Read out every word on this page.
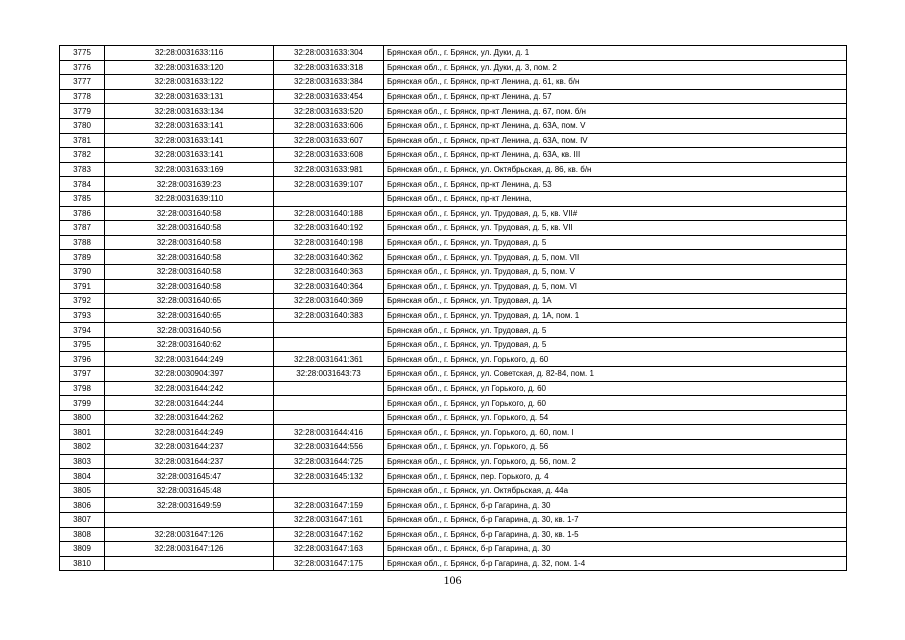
3775	32:28:0031633:116	32:28:0031633:304	Брянская обл., г. Брянск, ул. Дуки, д. 1
3776	32:28:0031633:120	32:28:0031633:318	Брянская обл., г. Брянск, ул. Дуки, д. 3, пом. 2
3777	32:28:0031633:122	32:28:0031633:384	Брянская обл., г. Брянск, пр-кт Ленина, д. 61, кв. б/н
3778	32:28:0031633:131	32:28:0031633:454	Брянская обл., г. Брянск, пр-кт Ленина, д. 57
3779	32:28:0031633:134	32:28:0031633:520	Брянская обл., г. Брянск, пр-кт Ленина, д. 67, пом. б/н
3780	32:28:0031633:141	32:28:0031633:606	Брянская обл., г. Брянск, пр-кт Ленина, д. 63А, пом. V
3781	32:28:0031633:141	32:28:0031633:607	Брянская обл., г. Брянск, пр-кт Ленина, д. 63А, пом. IV
3782	32:28:0031633:141	32:28:0031633:608	Брянская обл., г. Брянск, пр-кт Ленина, д. 63А, кв. III
3783	32:28:0031633:169	32:28:0031633:981	Брянская обл., г. Брянск, ул. Октябрьская, д. 86, кв. б/н
3784	32:28:0031639:23	32:28:0031639:107	Брянская обл., г. Брянск, пр-кт Ленина, д. 53
3785	32:28:0031639:110		Брянская обл., г. Брянск, пр-кт Ленина,
3786	32:28:0031640:58	32:28:0031640:188	Брянская обл., г. Брянск, ул. Трудовая, д. 5, кв. VII#
3787	32:28:0031640:58	32:28:0031640:192	Брянская обл., г. Брянск, ул. Трудовая, д. 5, кв. VII
3788	32:28:0031640:58	32:28:0031640:198	Брянская обл., г. Брянск, ул. Трудовая, д. 5
3789	32:28:0031640:58	32:28:0031640:362	Брянская обл., г. Брянск, ул. Трудовая, д. 5, пом. VII
3790	32:28:0031640:58	32:28:0031640:363	Брянская обл., г. Брянск, ул. Трудовая, д. 5, пом. V
3791	32:28:0031640:58	32:28:0031640:364	Брянская обл., г. Брянск, ул. Трудовая, д. 5, пом. VI
3792	32:28:0031640:65	32:28:0031640:369	Брянская обл., г. Брянск, ул. Трудовая, д. 1А
3793	32:28:0031640:65	32:28:0031640:383	Брянская обл., г. Брянск, ул. Трудовая, д. 1А, пом. 1
3794	32:28:0031640:56		Брянская обл., г. Брянск, ул. Трудовая, д. 5
3795	32:28:0031640:62		Брянская обл., г. Брянск, ул. Трудовая, д. 5
3796	32:28:0031644:249	32:28:0031641:361	Брянская обл., г. Брянск, ул. Горького, д. 60
3797	32:28:0030904:397	32:28:0031643:73	Брянская обл., г. Брянск, ул. Советская, д. 82-84, пом. 1
3798	32:28:0031644:242		Брянская обл., г. Брянск, ул Горького, д. 60
3799	32:28:0031644:244		Брянская обл., г. Брянск, ул Горького, д. 60
3800	32:28:0031644:262		Брянская обл., г. Брянск, ул. Горького, д. 54
3801	32:28:0031644:249	32:28:0031644:416	Брянская обл., г. Брянск, ул. Горького, д. 60, пом. I
3802	32:28:0031644:237	32:28:0031644:556	Брянская обл., г. Брянск, ул. Горького, д. 56
3803	32:28:0031644:237	32:28:0031644:725	Брянская обл., г. Брянск, ул. Горького, д. 56, пом. 2
3804	32:28:0031645:47	32:28:0031645:132	Брянская обл., г. Брянск, пер. Горького, д. 4
3805	32:28:0031645:48		Брянская обл., г. Брянск, ул. Октябрьская, д. 44а
3806	32:28:0031649:59	32:28:0031647:159	Брянская обл., г. Брянск, б-р Гагарина, д. 30
3807		32:28:0031647:161	Брянская обл., г. Брянск, б-р Гагарина, д. 30, кв. 1-7
3808	32:28:0031647:126	32:28:0031647:162	Брянская обл., г. Брянск, б-р Гагарина, д. 30, кв. 1-5
3809	32:28:0031647:126	32:28:0031647:163	Брянская обл., г. Брянск, б-р Гагарина, д. 30
3810		32:28:0031647:175	Брянская обл., г. Брянск, б-р Гагарина, д. 32, пом. 1-4
106
